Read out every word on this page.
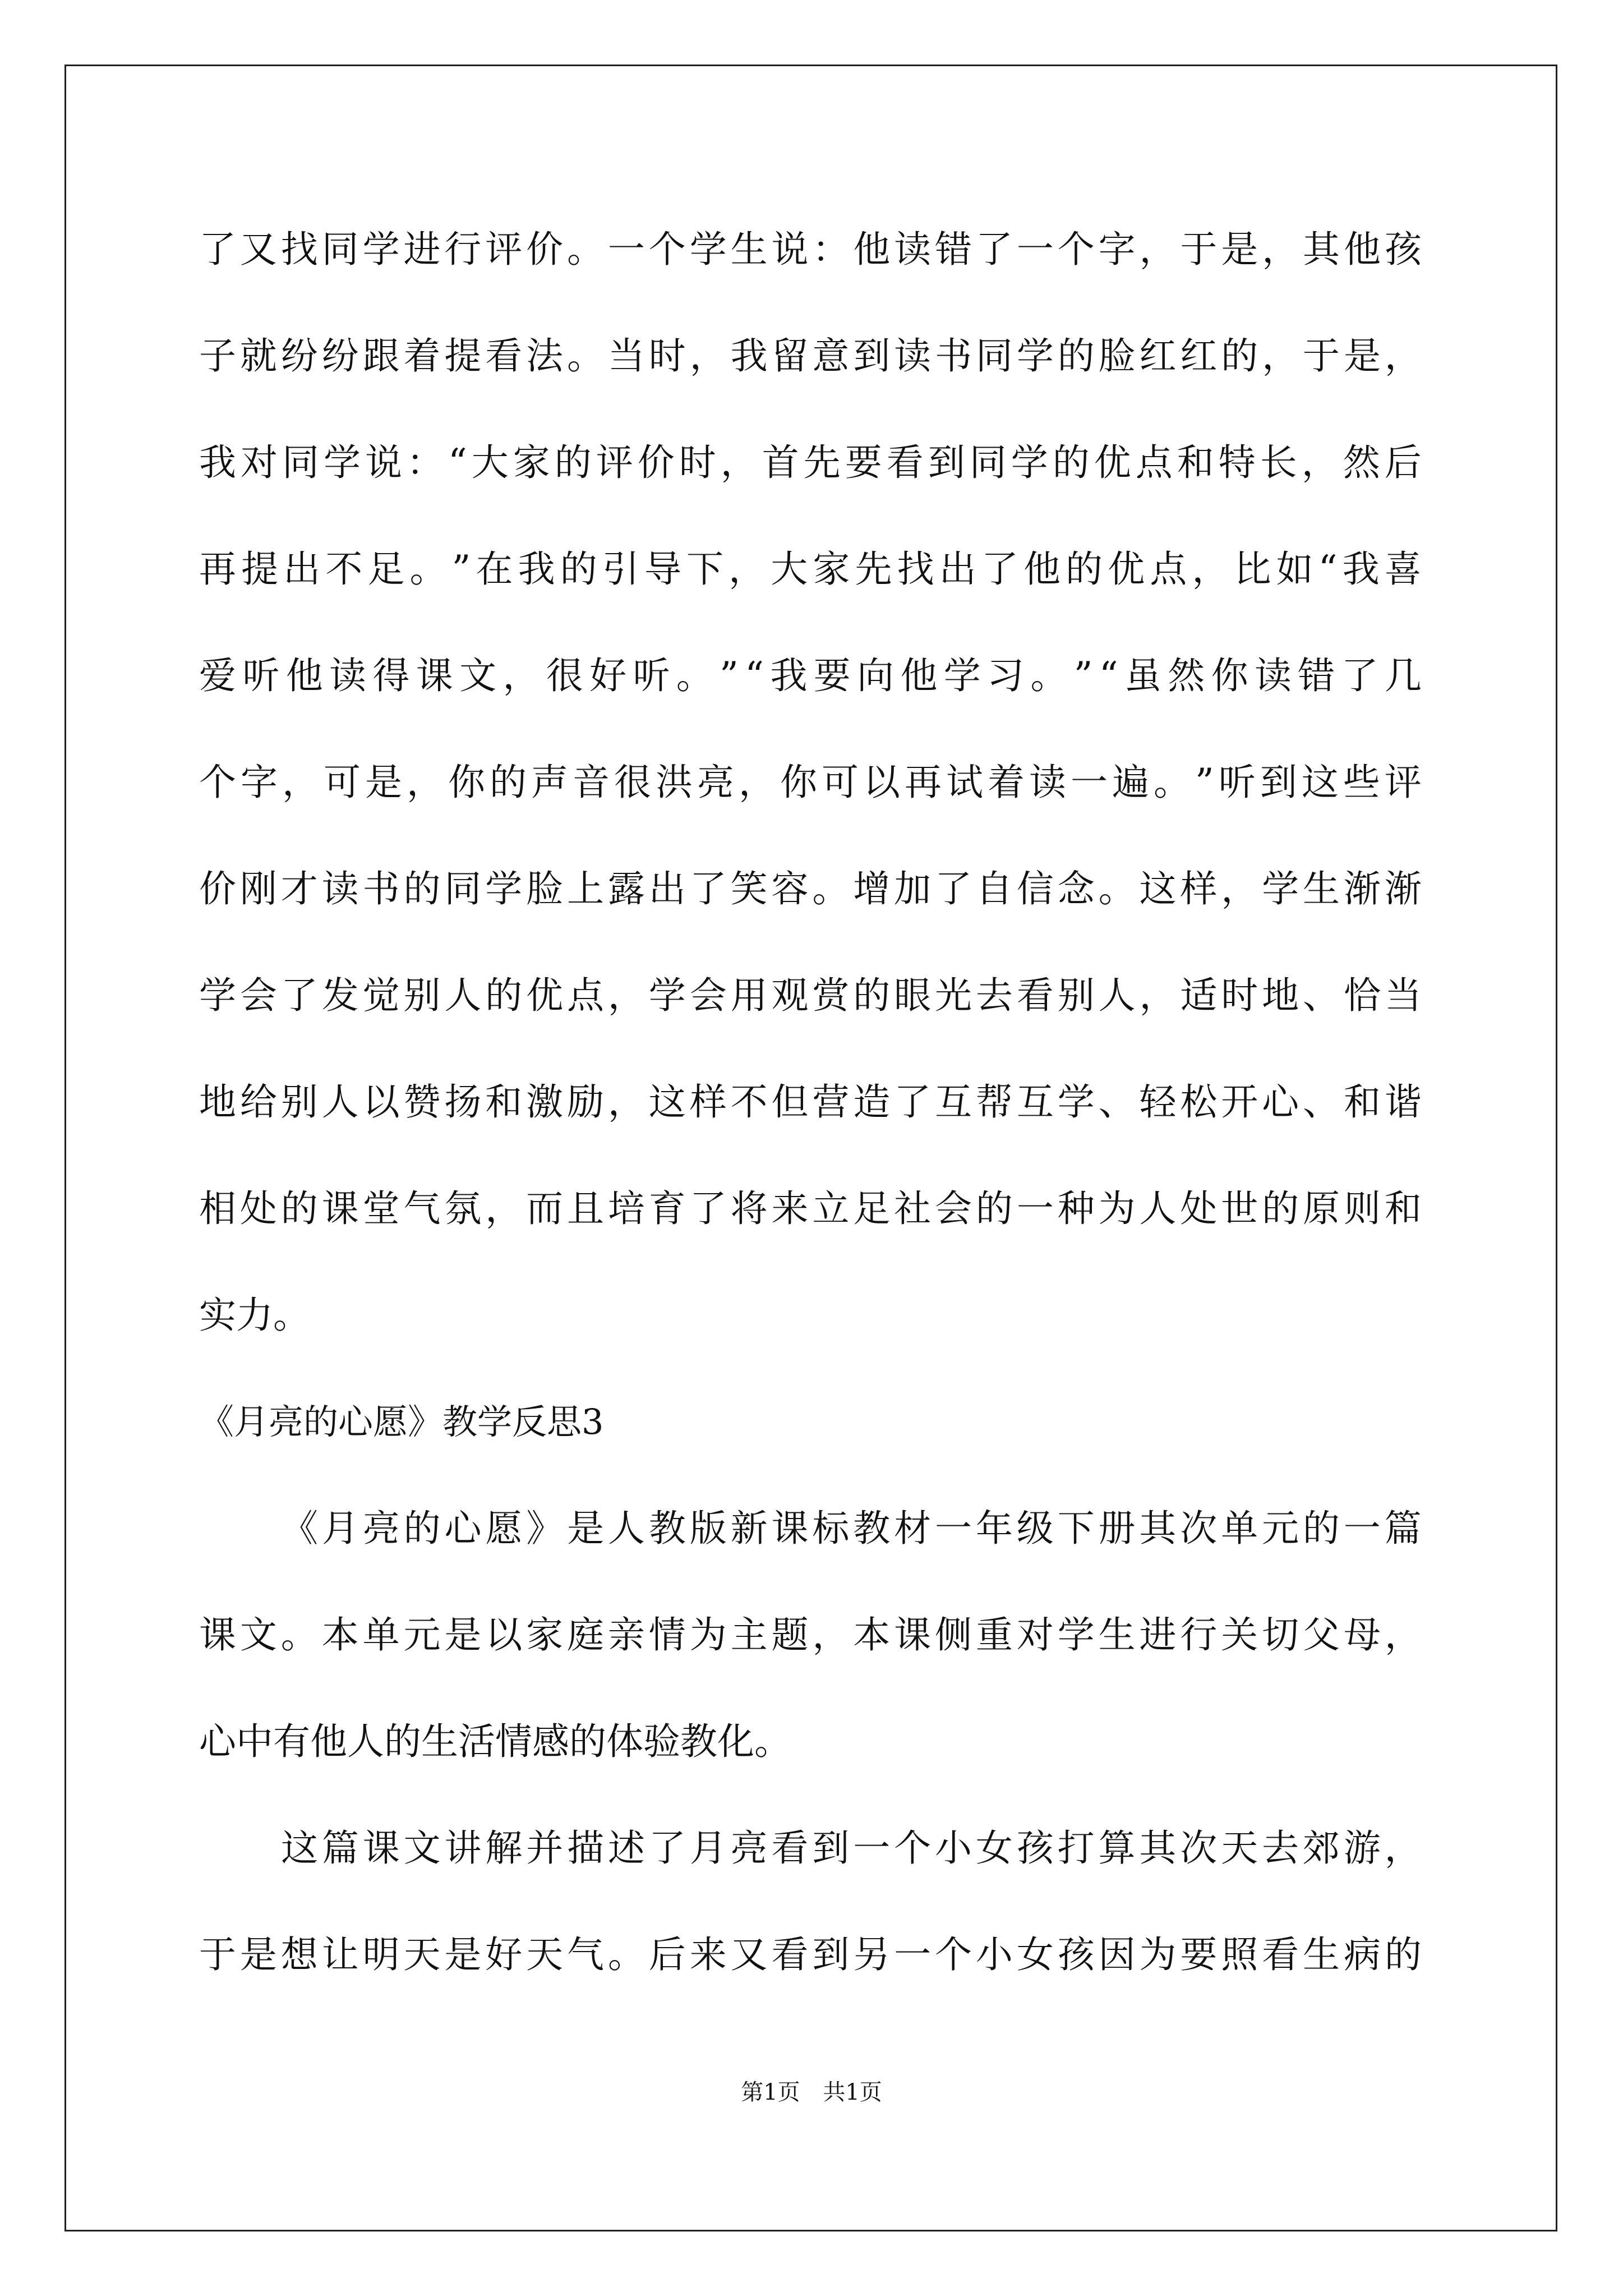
了 又 找 同 学 进 行 评 价 。 一 个 学 生 说 ： 他 读 错 了 一 个 字 ， 于 是 ， 其 他 孩
子 就 纷 纷 跟 着 提 看 法 。 当 时 ， 我 留 意 到 读 书 同 学 的 脸 红 红 的 ， 于 是 ，
我 对 同 学 说 ： “ 大 家 的 评 价 时 ， 首 先 要 看 到 同 学 的 优 点 和 特 长 ， 然 后
再 提 出 不 足 。 ” 在 我 的 引 导 下 ， 大 家 先 找 出 了 他 的 优 点 ， 比 如 “ 我 喜
爱 听 他 读 得 课 文 ， 很 好 听 。 ” “ 我 要 向 他 学 习 。 ” “ 虽 然 你 读 错 了 几
个 字 ， 可 是 ， 你 的 声 音 很 洪 亮 ， 你 可 以 再 试 着 读 一 遍 。 ” 听 到 这 些 评
价 刚 才 读 书 的 同 学 脸 上 露 出 了 笑 容 。 增 加 了 自 信 念 。 这 样 ， 学 生 渐 渐
学 会 了 发 觉 别 人 的 优 点 ， 学 会 用 观 赏 的 眼 光 去 看 别 人 ， 适 时 地 、 恰 当
地 给 别 人 以 赞 扬 和 激 励 ， 这 样 不 但 营 造 了 互 帮 互 学 、 轻 松 开 心 、 和 谐
相 处 的 课 堂 气 氛 ， 而 且 培 育 了 将 来 立 足 社 会 的 一 种 为 人 处 世 的 原 则 和
实力。
《月亮的心愿》教学反思3
《 月 亮 的 心 愿 》 是 人 教 版 新 课 标 教 材 一 年 级 下 册 其 次 单 元 的 一 篇
课 文 。 本 单 元 是 以 家 庭 亲 情 为 主 题 ， 本 课 侧 重 对 学 生 进 行 关 切 父 母 ，
心中有他人的生活情感的体验教化。
这 篇 课 文 讲 解 并 描 述 了 月 亮 看 到 一 个 小 女 孩 打 算 其 次 天 去 郊 游 ，
于 是 想 让 明 天 是 好 天 气 。 后 来 又 看 到 另 一 个 小 女 孩 因 为 要 照 看 生 病 的
第1页 共1页
